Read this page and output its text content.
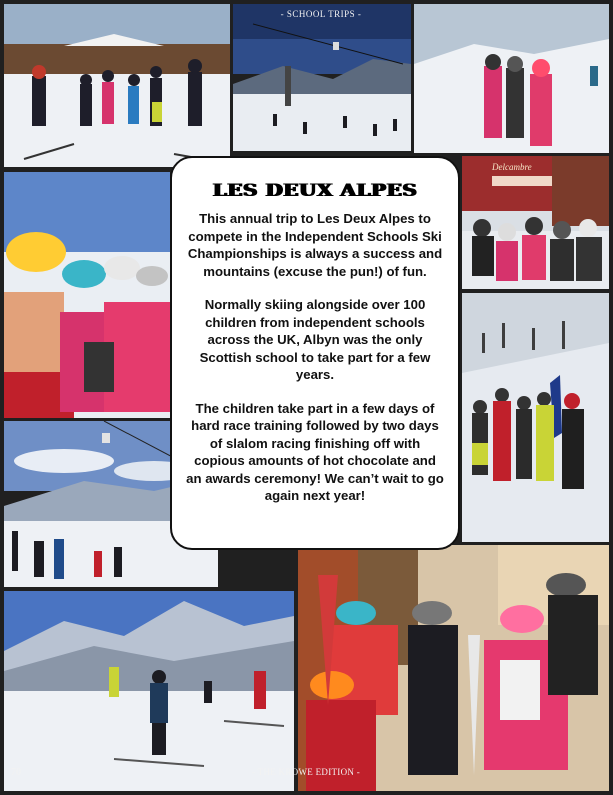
- SCHOOL TRIPS -
Delcambre
LES DEUX ALPES

This annual trip to Les Deux Alpes to compete in the Independent Schools Ski Championships is always a success and mountains (excuse the pun!) of fun.

Normally skiing alongside over 100 children from independent schools across the UK, Albyn was the only Scottish school to take part for a few years.

The children take part in a few days of hard race training followed by two days of slalom racing finishing off with copious amounts of hot chocolate and an awards ceremony! We can’t wait to go again next year!

70	- THE KROWE EDITION -
